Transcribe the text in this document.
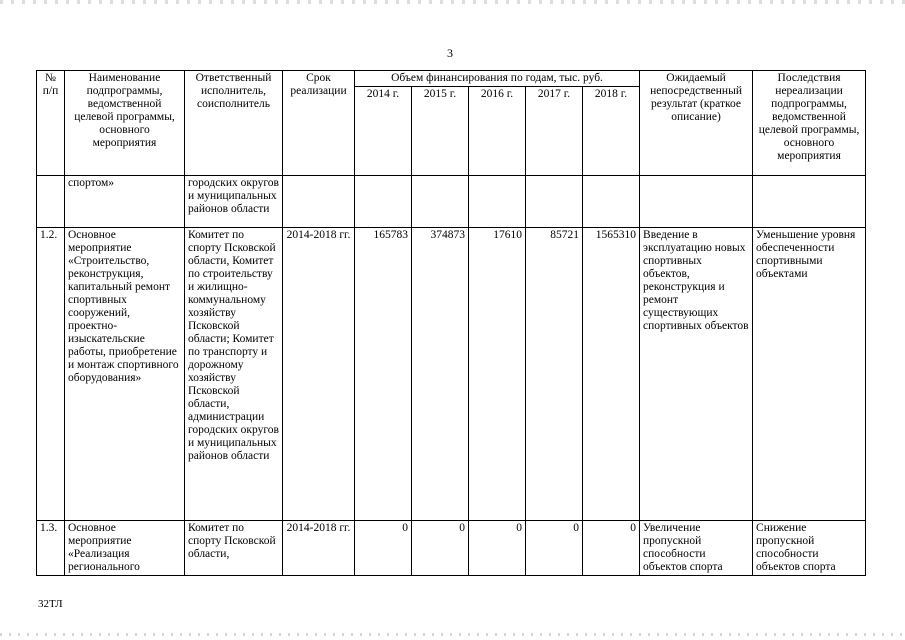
3
№ п/п	Наименование подпрограммы, ведомственной целевой программы, основного мероприятия	Ответственный исполнитель, соисполнитель	Срок реализации	Объем финансирования по годам, тыс. руб.					Ожидаемый непосредственный результат (краткое описание)	Последствия нереализации подпрограммы, ведомственной целевой программы, основного мероприятия
				2014 г.	2015 г.	2016 г.	2017 г.	2018 г.		
	спортом»	городских округов и муниципальных районов области								
1.2.	Основное мероприятие «Строительство, реконструкция, капитальный ремонт спортивных сооружений, проектно-изыскательские работы, приобретение и монтаж спортивного оборудования»	Комитет по спорту Псковской области, Комитет по строительству и жилищно-коммунальному хозяйству Псковской области; Комитет по транспорту и дорожному хозяйству Псковской области, администрации городских округов и муниципальных районов области	2014-2018 гг.	165783	374873	17610	85721	1565310	Введение в эксплуатацию новых спортивных объектов, реконструкция и ремонт существующих спортивных объектов	Уменьшение уровня обеспеченности спортивными объектами
1.3.	Основное мероприятие «Реализация регионального	Комитет по спорту Псковской области,	2014-2018 гг.	0	0	0	0	0	Увеличение пропускной способности объектов спорта	Снижение пропускной способности объектов спорта
32ТЛ
